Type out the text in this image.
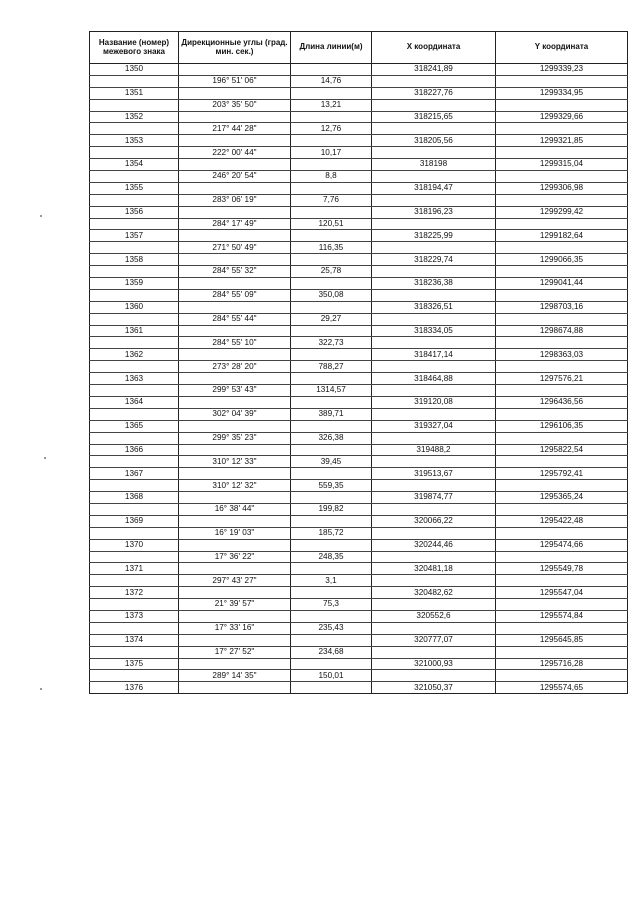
Название (номер) межевого знака	Дирекционные углы (град. мин. сек.)	Длина линии(м)	X координата	Y координата
1350			318241,89	1299339,23
	196° 51' 06"	14,76		
1351			318227,76	1299334,95
	203° 35' 50"	13,21		
1352			318215,65	1299329,66
	217° 44' 28"	12,76		
1353			318205,56	1299321,85
	222° 00' 44"	10,17		
1354			318198	1299315,04
	246° 20' 54"	8,8		
1355			318194,47	1299306,98
	283° 06' 19"	7,76		
1356			318196,23	1299299,42
	284° 17' 49"	120,51		
1357			318225,99	1299182,64
	271° 50' 49"	116,35		
1358			318229,74	1299066,35
	284° 55' 32"	25,78		
1359			318236,38	1299041,44
	284° 55' 09"	350,08		
1360			318326,51	1298703,16
	284° 55' 44"	29,27		
1361			318334,05	1298674,88
	284° 55' 10"	322,73		
1362			318417,14	1298363,03
	273° 28' 20"	788,27		
1363			318464,88	1297576,21
	299° 53' 43"	1314,57		
1364			319120,08	1296436,56
	302° 04' 39"	389,71		
1365			319327,04	1296106,35
	299° 35' 23"	326,38		
1366			319488,2	1295822,54
	310° 12' 33"	39,45		
1367			319513,67	1295792,41
	310° 12' 32"	559,35		
1368			319874,77	1295365,24
	16° 38' 44"	199,82		
1369			320066,22	1295422,48
	16° 19' 03"	185,72		
1370			320244,46	1295474,66
	17° 36' 22"	248,35		
1371			320481,18	1295549,78
	297° 43' 27"	3,1		
1372			320482,62	1295547,04
	21° 39' 57"	75,3		
1373			320552,6	1295574,84
	17° 33' 16"	235,43		
1374			320777,07	1295645,85
	17° 27' 52"	234,68		
1375			321000,93	1295716,28
	289° 14' 35"	150,01		
1376			321050,37	1295574,65
